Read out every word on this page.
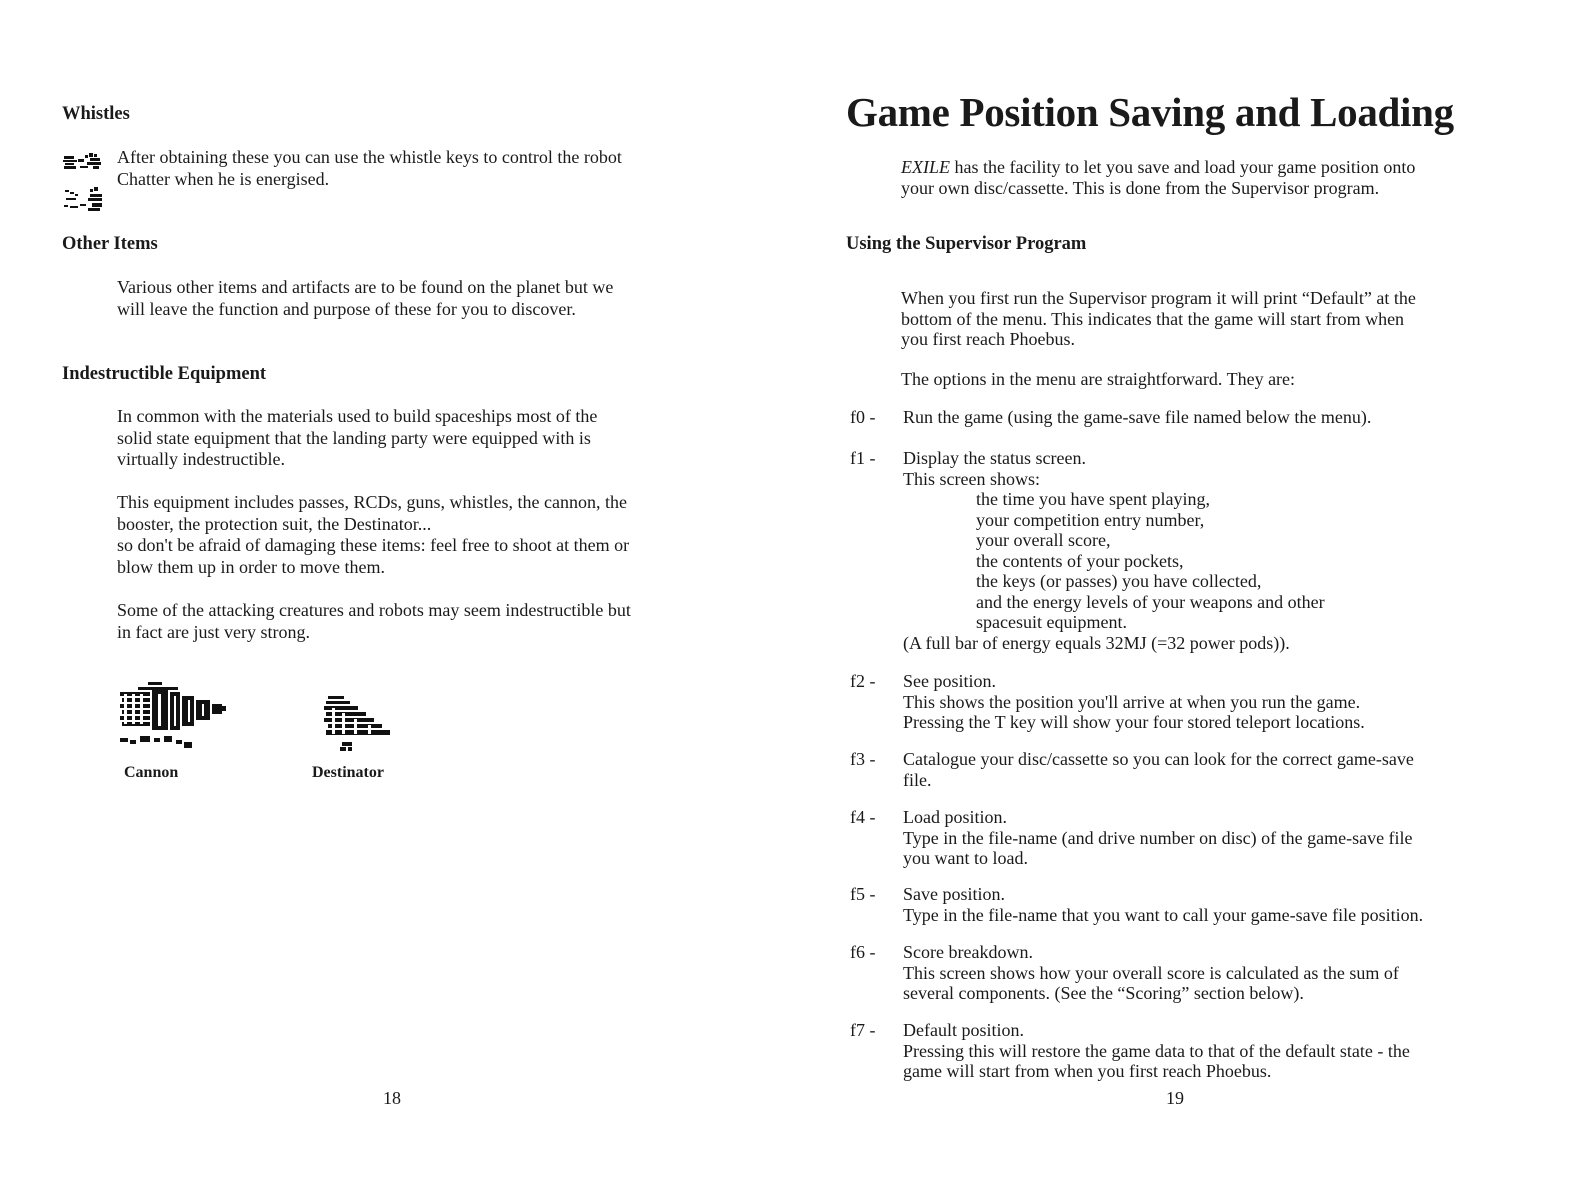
Whistles
After obtaining these you can use the whistle keys to control the robot
Chatter when he is energised.
Other Items
Various other items and artifacts are to be found on the planet but we
will leave the function and purpose of these for you to discover.
Indestructible Equipment
In common with the materials used to build spaceships most of the
solid state equipment that the landing party were equipped with is
virtually indestructible.
This equipment includes passes, RCDs, guns, whistles, the cannon, the
booster, the protection suit, the Destinator...
so don't be afraid of damaging these items: feel free to shoot at them or
blow them up in order to move them.
Some of the attacking creatures and robots may seem indestructible but
in fact are just very strong.
Cannon	Destinator
18
Game Position Saving and Loading
EXILE has the facility to let you save and load your game position onto
your own disc/cassette. This is done from the Supervisor program.
Using the Supervisor Program
When you first run the Supervisor program it will print “Default” at the
bottom of the menu. This indicates that the game will start from when
you first reach Phoebus.
The options in the menu are straightforward. They are:
f0 - Run the game (using the game-save file named below the menu).
f1 - Display the status screen.
This screen shows:
the time you have spent playing,
your competition entry number,
your overall score,
the contents of your pockets,
the keys (or passes) you have collected,
and the energy levels of your weapons and other
spacesuit equipment.
(A full bar of energy equals 32MJ (=32 power pods)).
f2 - See position.
This shows the position you'll arrive at when you run the game.
Pressing the T key will show your four stored teleport locations.
f3 - Catalogue your disc/cassette so you can look for the correct game-save
file.
f4 - Load position.
Type in the file-name (and drive number on disc) of the game-save file
you want to load.
f5 - Save position.
Type in the file-name that you want to call your game-save file position.
f6 - Score breakdown.
This screen shows how your overall score is calculated as the sum of
several components. (See the “Scoring” section below).
f7 - Default position.
Pressing this will restore the game data to that of the default state - the
game will start from when you first reach Phoebus.
19
